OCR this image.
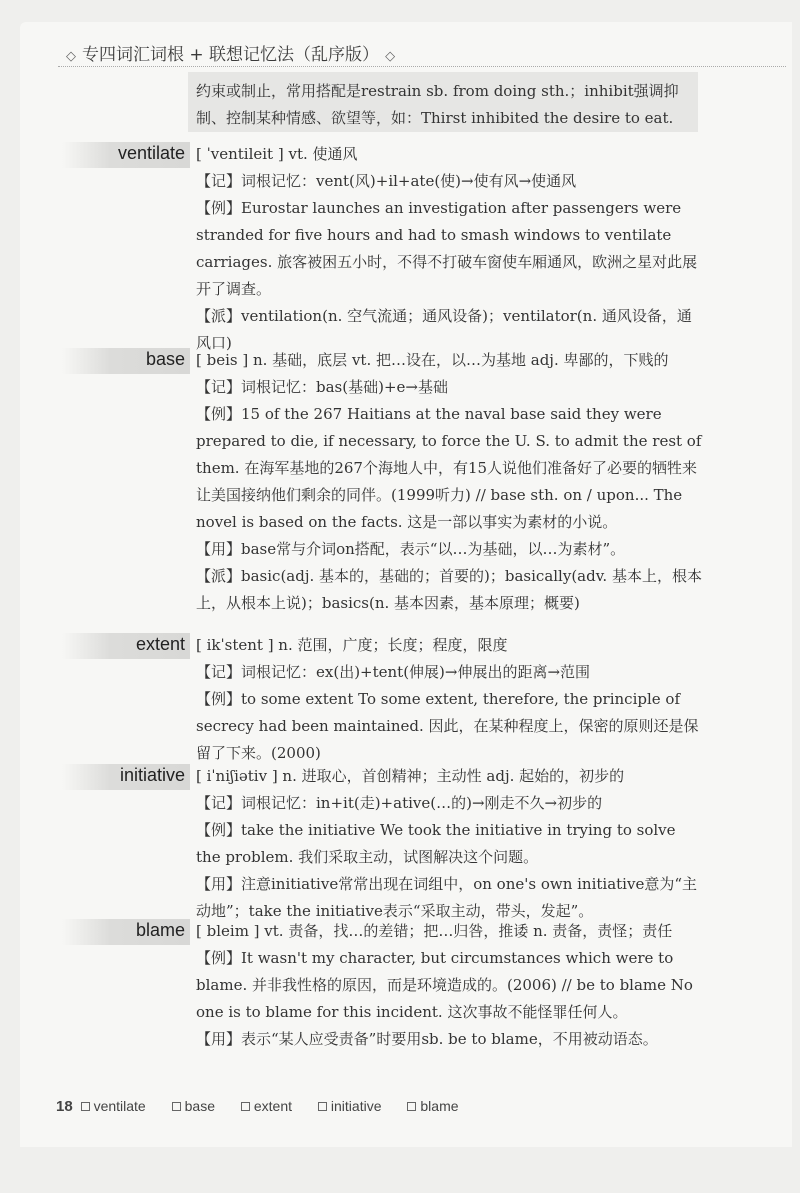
◇ 专四词汇词根 + 联想记忆法（乱序版） ◇
约束或制止，常用搭配是restrain sb. from doing sth.；inhibit强调抑制、控制某种情感、欲望等，如：Thirst inhibited the desire to eat.
ventilate [ ˈventileit ] vt. 使通风

【记】词根记忆：vent(风)+il+ate(使)→使有风→使通风

【例】Eurostar launches an investigation after passengers were stranded for five hours and had to smash windows to ventilate carriages. 旅客被困五小时，不得不打破车窗使车厢通风，欧洲之星对此展开了调查。

【派】ventilation(n. 空气流通；通风设备)；ventilator(n. 通风设备，通风口)

base [ beis ] n. 基础，底层 vt. 把…设在，以…为基地 adj. 卑鄙的，下贱的

【记】词根记忆：bas(基础)+e→基础

【例】15 of the 267 Haitians at the naval base said they were prepared to die, if necessary, to force the U. S. to admit the rest of them. 在海军基地的267个海地人中，有15人说他们准备好了必要的牺牲来让美国接纳他们剩余的同伴。(1999听力) // base sth. on / upon... The novel is based on the facts. 这是一部以事实为素材的小说。

【用】base常与介词on搭配，表示“以…为基础，以…为素材”。

【派】basic(adj. 基本的，基础的；首要的)；basically(adv. 基本上，根本上，从根本上说)；basics(n. 基本因素，基本原理；概要)

extent [ ikˈstent ] n. 范围，广度；长度；程度，限度

【记】词根记忆：ex(出)+tent(伸展)→伸展出的距离→范围

【例】to some extent To some extent, therefore, the principle of secrecy had been maintained. 因此，在某种程度上，保密的原则还是保留了下来。(2000)

initiative [ iˈniʃiətiv ] n. 进取心，首创精神；主动性 adj. 起始的，初步的

【记】词根记忆：in+it(走)+ative(…的)→刚走不久→初步的

【例】take the initiative We took the initiative in trying to solve the problem. 我们采取主动，试图解决这个问题。

【用】注意initiative常常出现在词组中，on one's own initiative意为“主动地”；take the initiative表示“采取主动，带头，发起”。

blame [ bleim ] vt. 责备，找…的差错；把…归咎，推诿 n. 责备，责怪；责任

【例】It wasn't my character, but circumstances which were to blame. 并非我性格的原因，而是环境造成的。(2006) // be to blame No one is to blame for this incident. 这次事故不能怪罪任何人。

【用】表示“某人应受责备”时要用sb. be to blame，不用被动语态。

18 ventilate	base	extent	initiative	blame
